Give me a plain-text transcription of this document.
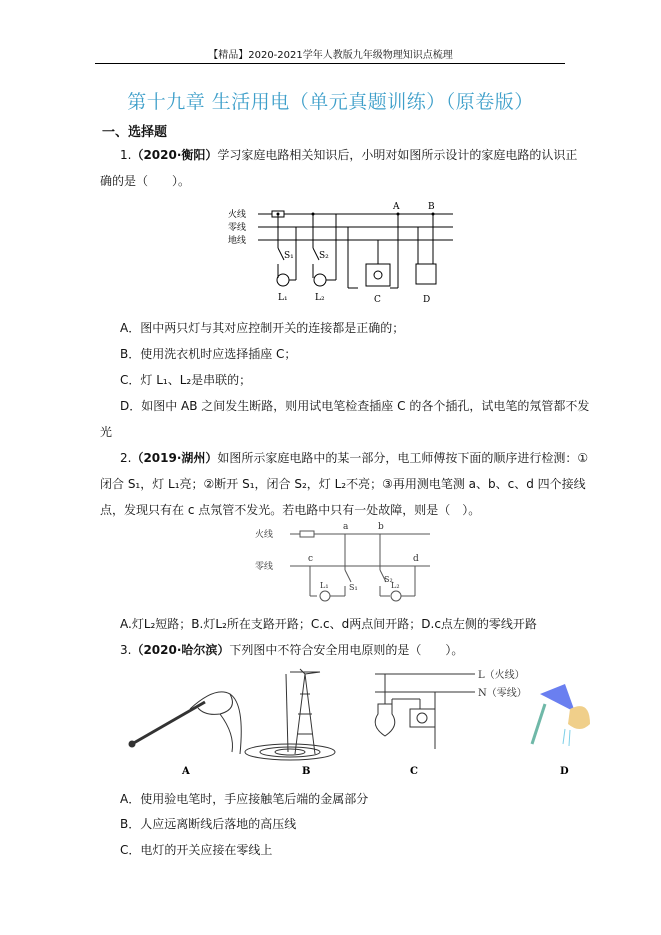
【精品】2020-2021学年人教版九年级物理知识点梳理
第十九章 生活用电（单元真题训练）（原卷版）
一、选择题
1.（2020·衡阳）学习家庭电路相关知识后，小明对如图所示设计的家庭电路的认识正
确的是（　　）。
火线
零线
地线
A	B
S₁	S₂
L₁	L₂	C	D
A．图中两只灯与其对应控制开关的连接都是正确的；
B．使用洗衣机时应选择插座 C；
C．灯 L₁、L₂是串联的；
D．如图中 AB 之间发生断路，则用试电笔检查插座 C 的各个插孔，试电笔的氖管都不发
光
2.（2019·湖州）如图所示家庭电路中的某一部分，电工师傅按下面的顺序进行检测：①
闭合 S₁，灯 L₁亮；②断开 S₁，闭合 S₂，灯 L₂不亮；③再用测电笔测 a、b、c、d 四个接线
点，发现只有在 c 点氖管不发光。若电路中只有一处故障，则是（　）。
火线
零线
a	b
c	d
L₁	L₂
S₁
S₂
A.灯L₂短路；B.灯L₂所在支路开路；C.c、d两点间开路；D.c点左侧的零线开路
3.（2020·哈尔滨）下列图中不符合安全用电原则的是（　　）。
L（火线）
N（零线）
A	B	C	D
A．使用验电笔时，手应接触笔后端的金属部分
B．人应远离断线后落地的高压线
C．电灯的开关应接在零线上
